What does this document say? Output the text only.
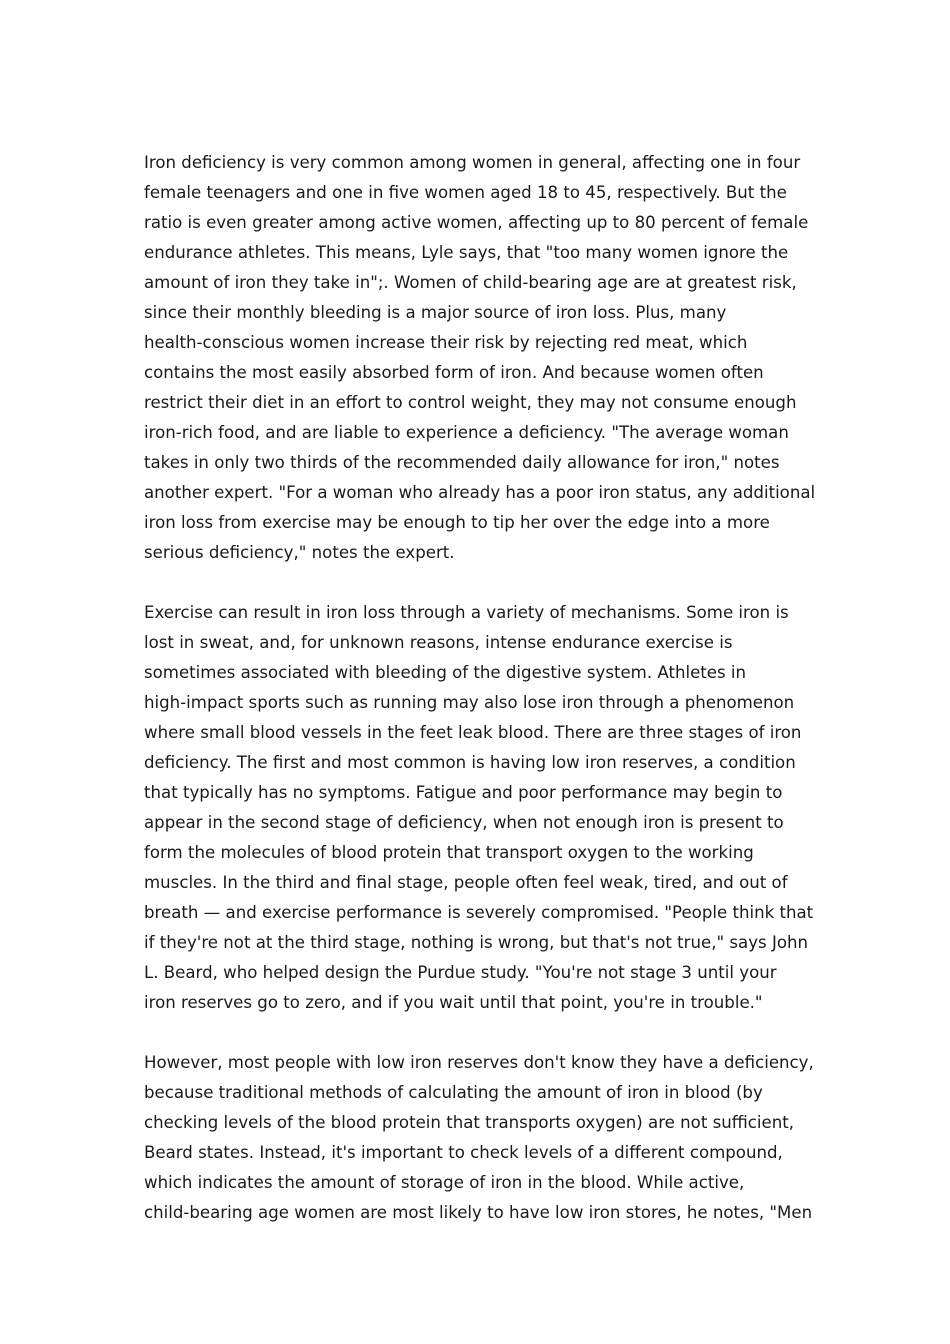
Iron deficiency is very common among women in general, affecting one in four
female teenagers and one in five women aged 18 to 45, respectively. But the
ratio is even greater among active women, affecting up to 80 percent of female
endurance athletes. This means, Lyle says, that "too many women ignore the
amount of iron they take in";. Women of child-bearing age are at greatest risk,
since their monthly bleeding is a major source of iron loss. Plus, many
health-conscious women increase their risk by rejecting red meat, which
contains the most easily absorbed form of iron. And because women often
restrict their diet in an effort to control weight, they may not consume enough
iron-rich food, and are liable to experience a deficiency. "The average woman
takes in only two thirds of the recommended daily allowance for iron," notes
another expert. "For a woman who already has a poor iron status, any additional
iron loss from exercise may be enough to tip her over the edge into a more
serious deficiency," notes the expert.
Exercise can result in iron loss through a variety of mechanisms. Some iron is
lost in sweat, and, for unknown reasons, intense endurance exercise is
sometimes associated with bleeding of the digestive system. Athletes in
high-impact sports such as running may also lose iron through a phenomenon
where small blood vessels in the feet leak blood. There are three stages of iron
deficiency. The first and most common is having low iron reserves, a condition
that typically has no symptoms. Fatigue and poor performance may begin to
appear in the second stage of deficiency, when not enough iron is present to
form the molecules of blood protein that transport oxygen to the working
muscles. In the third and final stage, people often feel weak, tired, and out of
breath — and exercise performance is severely compromised. "People think that
if they're not at the third stage, nothing is wrong, but that's not true," says John
L. Beard, who helped design the Purdue study. "You're not stage 3 until your
iron reserves go to zero, and if you wait until that point, you're in trouble."
However, most people with low iron reserves don't know they have a deficiency,
because traditional methods of calculating the amount of iron in blood (by
checking levels of the blood protein that transports oxygen) are not sufficient,
Beard states. Instead, it's important to check levels of a different compound,
which indicates the amount of storage of iron in the blood. While active,
child-bearing age women are most likely to have low iron stores, he notes, "Men
